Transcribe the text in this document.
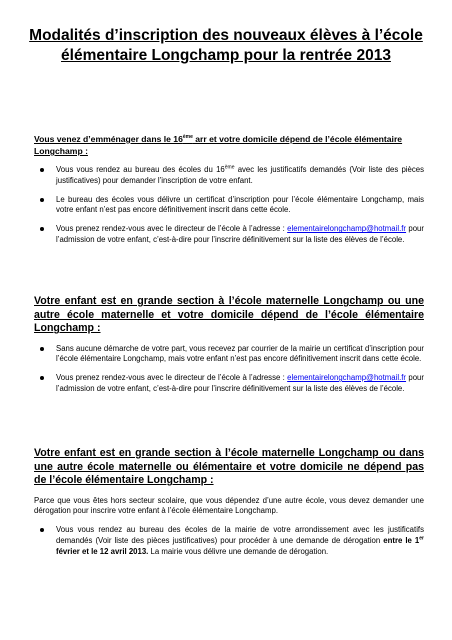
Modalités d’inscription des nouveaux élèves à l’école
élémentaire Longchamp pour la rentrée 2013

Vous venez d’emménager dans le 16ème arr et votre domicile dépend de l’école élémentaire Longchamp :

Vous vous rendez au bureau des écoles du 16ème avec les justificatifs demandés (Voir liste des pièces justificatives) pour demander l’inscription de votre enfant.
Le bureau des écoles vous délivre un certificat d’inscription pour l’école élémentaire Longchamp, mais votre enfant n’est pas encore définitivement inscrit dans cette école.
Vous prenez rendez-vous avec le directeur de l’école à l’adresse : elementairelongchamp@hotmail.fr pour l’admission de votre enfant, c’est-à-dire pour l’inscrire définitivement sur la liste des élèves de l’école.

Votre enfant est en grande section à l’école maternelle Longchamp ou une autre école maternelle et votre domicile dépend de l’école élémentaire Longchamp :

Sans aucune démarche de votre part, vous recevez par courrier de la mairie un certificat d’inscription pour l’école élémentaire Longchamp, mais votre enfant n’est pas encore définitivement inscrit dans cette école.
Vous prenez rendez-vous avec le directeur de l’école à l’adresse : elementairelongchamp@hotmail.fr pour l’admission de votre enfant, c’est-à-dire pour l’inscrire définitivement sur la liste des élèves de l’école.

Votre enfant est en grande section à l’école maternelle Longchamp ou dans une autre école maternelle ou élémentaire et votre domicile ne dépend pas de l’école élémentaire Longchamp :

Parce que vous êtes hors secteur scolaire, que vous dépendez d’une autre école, vous devez demander une dérogation pour inscrire votre enfant à l’école élémentaire Longchamp.

Vous vous rendez au bureau des écoles de la mairie de votre arrondissement avec les justificatifs demandés (Voir liste des pièces justificatives) pour procéder à une demande de dérogation entre le 1er février et le 12 avril 2013. La mairie vous délivre une demande de dérogation.
